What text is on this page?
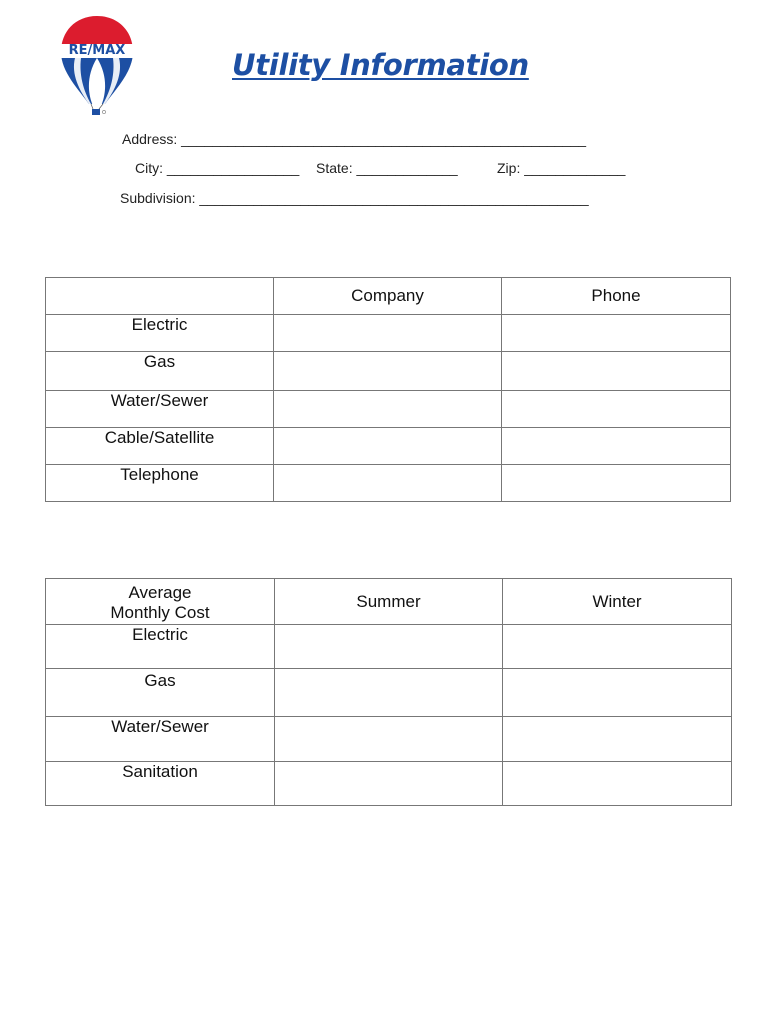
RE/MAX	Utility Information
Address: ____________________________________________________
City: _________________ State: _____________	Zip: _____________
Subdivision: __________________________________________________
	Company	Phone

Electric		

Gas		

Water/Sewer		

Cable/Satellite		

Telephone		

Average
Monthly Cost	Summer	Winter

Electric		

Gas		

Water/Sewer		

Sanitation		
